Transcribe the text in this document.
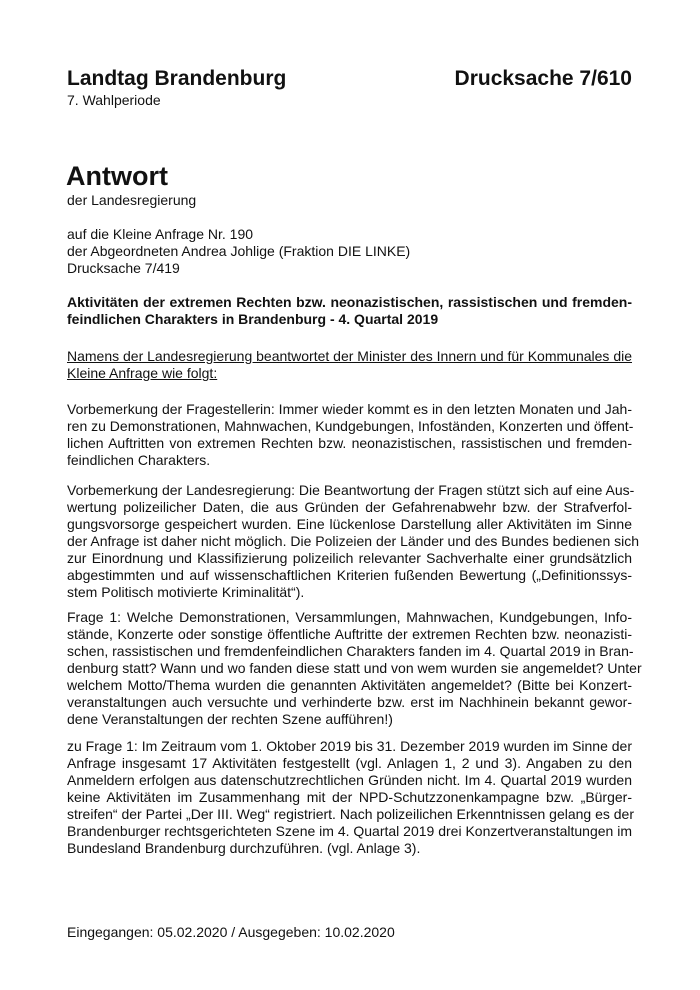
Landtag Brandenburg	Drucksache 7/610
7. Wahlperiode
Antwort
der Landesregierung

auf die Kleine Anfrage Nr. 190

der Abgeordneten Andrea Johlige (Fraktion DIE LINKE)

Drucksache 7/419

Aktivitäten der extremen Rechten bzw. neonazistischen, rassistischen und fremden-
feindlichen Charakters in Brandenburg - 4. Quartal 2019
Namens der Landesregierung beantwortet der Minister des Innern und für Kommunales die
Kleine Anfrage wie folgt:
Vorbemerkung der Fragestellerin: Immer wieder kommt es in den letzten Monaten und Jah-
ren zu Demonstrationen, Mahnwachen, Kundgebungen, Infoständen, Konzerten und öffent-
lichen Auftritten von extremen Rechten bzw. neonazistischen, rassistischen und fremden-
feindlichen Charakters.
Vorbemerkung der Landesregierung: Die Beantwortung der Fragen stützt sich auf eine Aus-
wertung polizeilicher Daten, die aus Gründen der Gefahrenabwehr bzw. der Strafverfol-
gungsvorsorge gespeichert wurden. Eine lückenlose Darstellung aller Aktivitäten im Sinne
der Anfrage ist daher nicht möglich. Die Polizeien der Länder und des Bundes bedienen sich
zur Einordnung und Klassifizierung polizeilich relevanter Sachverhalte einer grundsätzlich
abgestimmten und auf wissenschaftlichen Kriterien fußenden Bewertung („Definitionssys-
stem Politisch motivierte Kriminalität“).
Frage 1: Welche Demonstrationen, Versammlungen, Mahnwachen, Kundgebungen, Info-
stände, Konzerte oder sonstige öffentliche Auftritte der extremen Rechten bzw. neonazisti-
schen, rassistischen und fremdenfeindlichen Charakters fanden im 4. Quartal 2019 in Bran-
denburg statt? Wann und wo fanden diese statt und von wem wurden sie angemeldet? Unter
welchem Motto/Thema wurden die genannten Aktivitäten angemeldet? (Bitte bei Konzert-
veranstaltungen auch versuchte und verhinderte bzw. erst im Nachhinein bekannt gewor-
dene Veranstaltungen der rechten Szene aufführen!)
zu Frage 1: Im Zeitraum vom 1. Oktober 2019 bis 31. Dezember 2019 wurden im Sinne der
Anfrage insgesamt 17 Aktivitäten festgestellt (vgl. Anlagen 1, 2 und 3). Angaben zu den
Anmeldern erfolgen aus datenschutzrechtlichen Gründen nicht. Im 4. Quartal 2019 wurden
keine Aktivitäten im Zusammenhang mit der NPD-Schutzzonenkampagne bzw. „Bürger-
streifen“ der Partei „Der III. Weg“ registriert. Nach polizeilichen Erkenntnissen gelang es der
Brandenburger rechtsgerichteten Szene im 4. Quartal 2019 drei Konzertveranstaltungen im
Bundesland Brandenburg durchzuführen. (vgl. Anlage 3).
Eingegangen: 05.02.2020 / Ausgegeben: 10.02.2020
